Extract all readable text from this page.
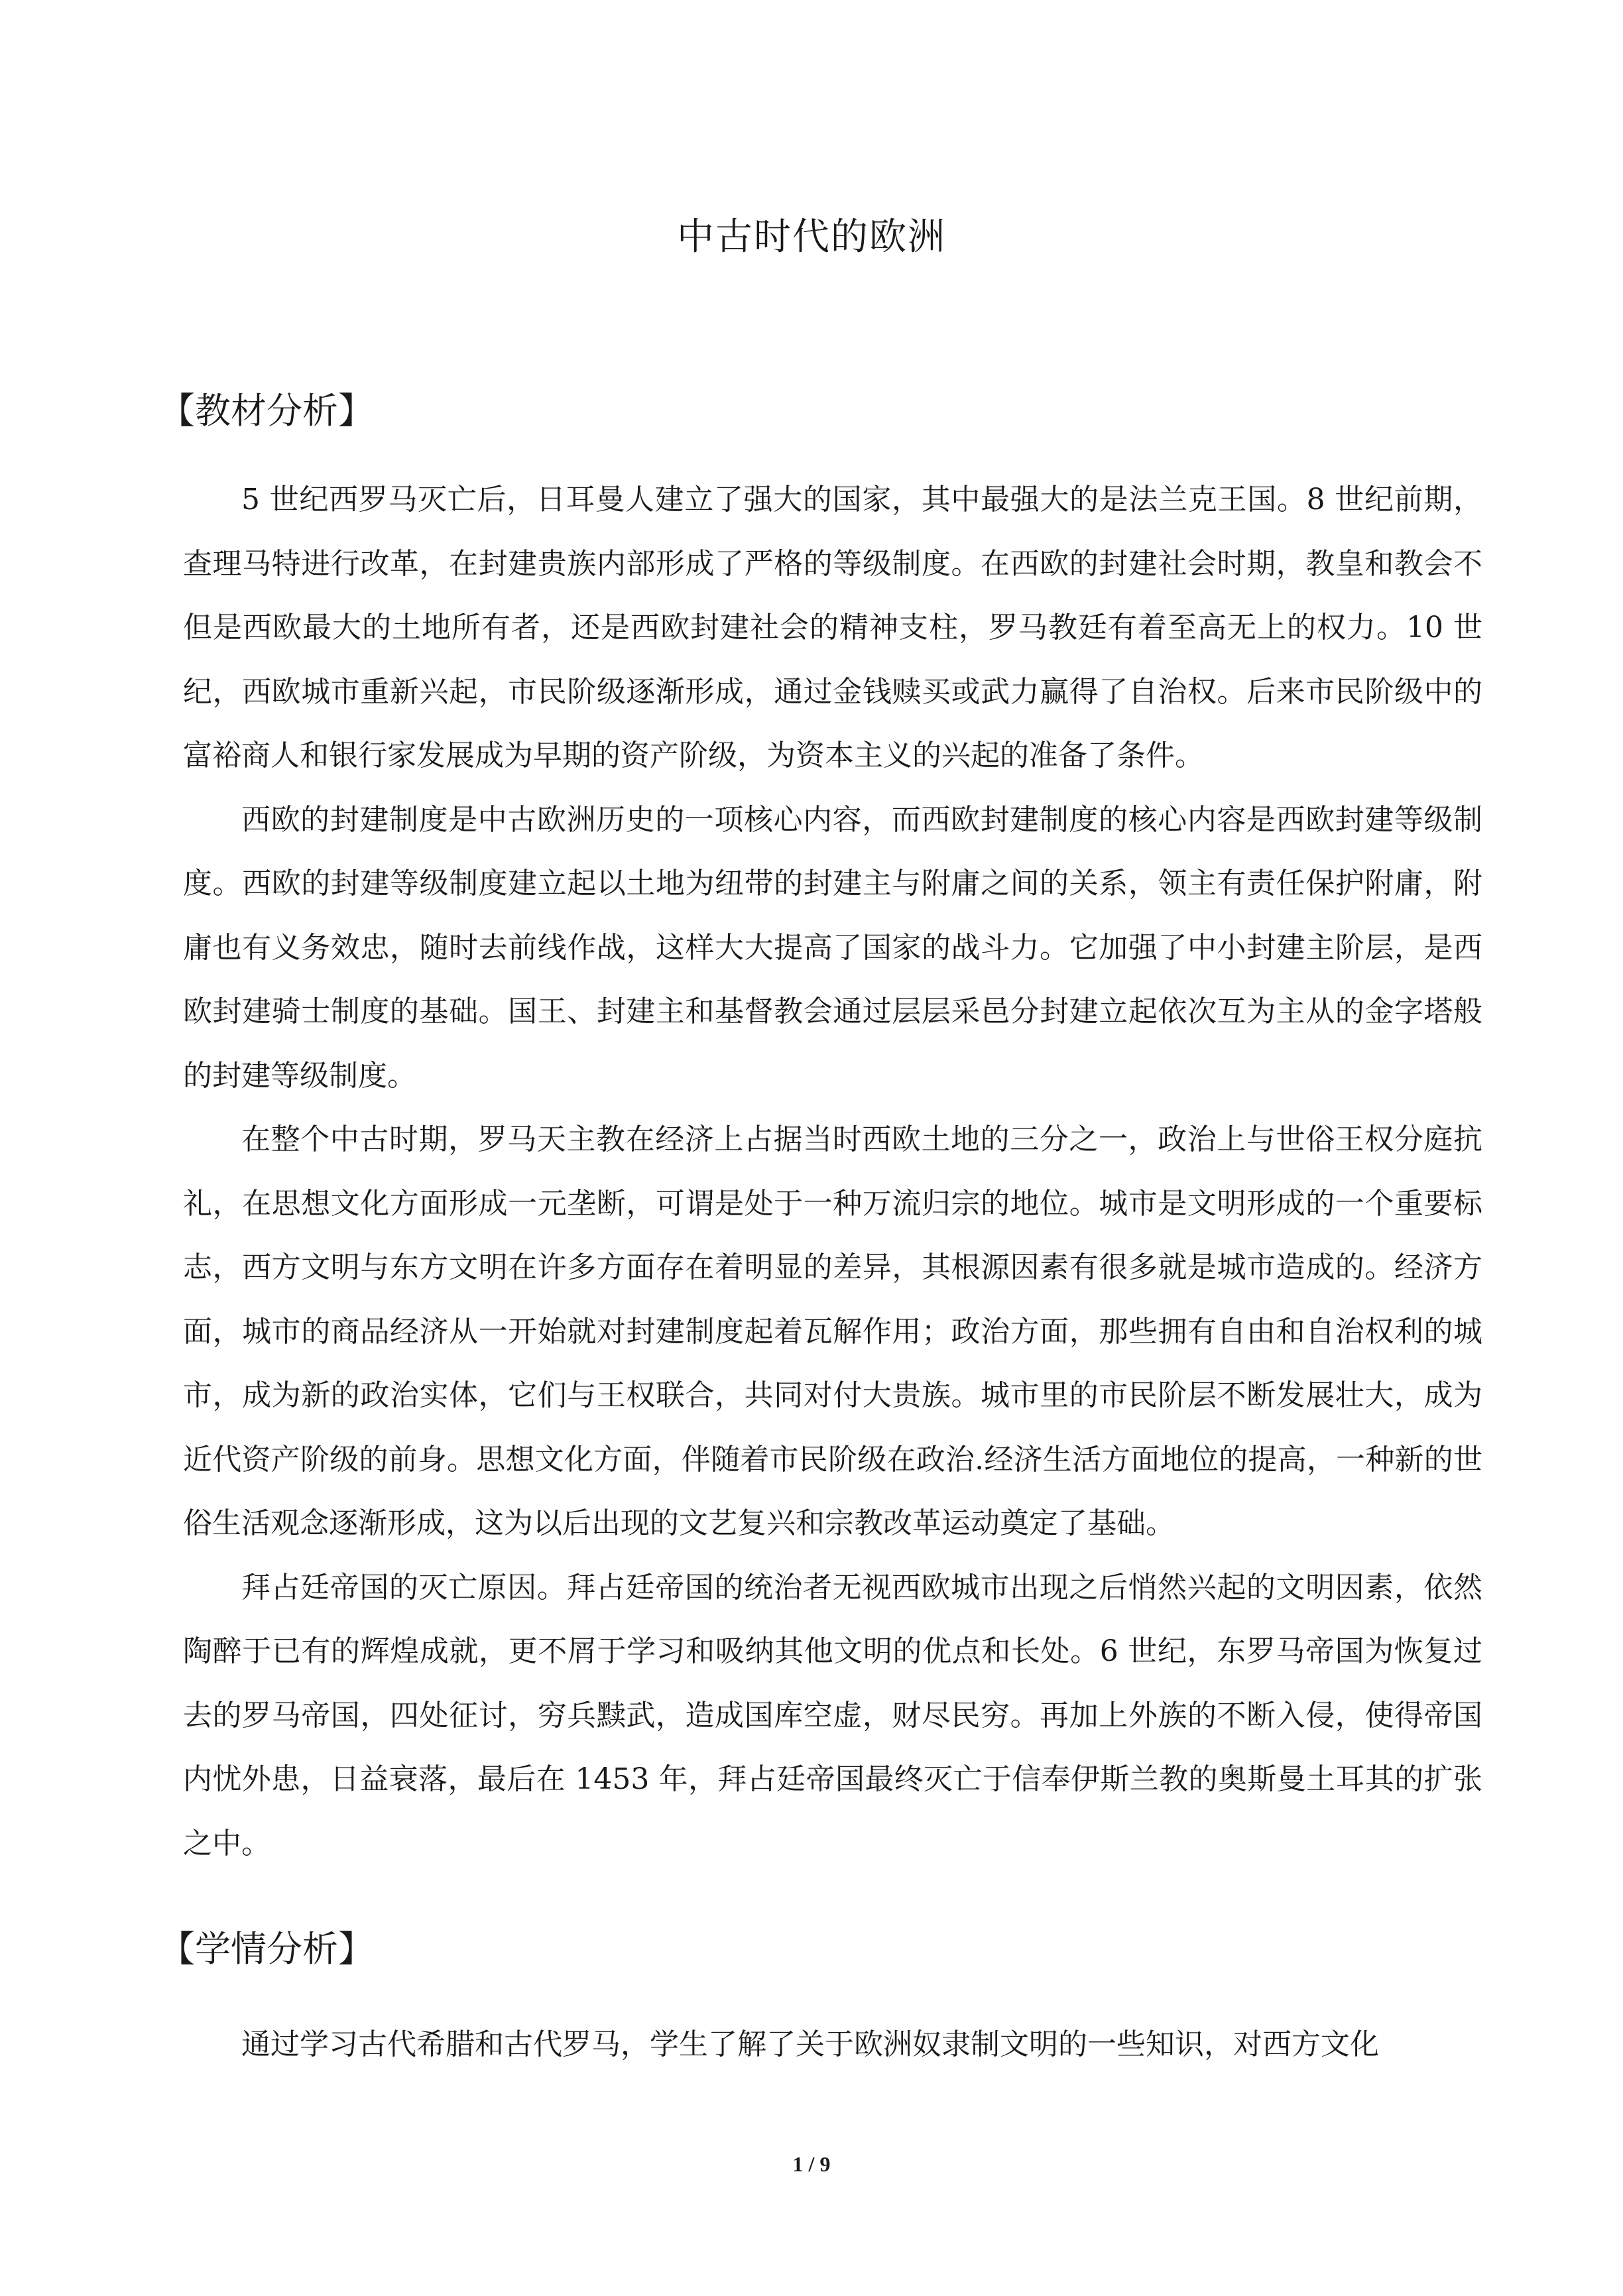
中古时代的欧洲
【教材分析】

5 世纪西罗马灭亡后，日耳曼人建立了强大的国家，其中最强大的是法兰克王国。8 世纪前期，查理马特进行改革，在封建贵族内部形成了严格的等级制度。在西欧的封建社会时期，教皇和教会不但是西欧最大的土地所有者，还是西欧封建社会的精神支柱，罗马教廷有着至高无上的权力。10 世纪，西欧城市重新兴起，市民阶级逐渐形成，通过金钱赎买或武力赢得了自治权。后来市民阶级中的富裕商人和银行家发展成为早期的资产阶级，为资本主义的兴起的准备了条件。

西欧的封建制度是中古欧洲历史的一项核心内容，而西欧封建制度的核心内容是西欧封建等级制度。西欧的封建等级制度建立起以土地为纽带的封建主与附庸之间的关系，领主有责任保护附庸，附庸也有义务效忠，随时去前线作战，这样大大提高了国家的战斗力。它加强了中小封建主阶层，是西欧封建骑士制度的基础。国王、封建主和基督教会通过层层采邑分封建立起依次互为主从的金字塔般的封建等级制度。

在整个中古时期，罗马天主教在经济上占据当时西欧土地的三分之一，政治上与世俗王权分庭抗礼，在思想文化方面形成一元垄断，可谓是处于一种万流归宗的地位。城市是文明形成的一个重要标志，西方文明与东方文明在许多方面存在着明显的差异，其根源因素有很多就是城市造成的。经济方面，城市的商品经济从一开始就对封建制度起着瓦解作用；政治方面，那些拥有自由和自治权利的城市，成为新的政治实体，它们与王权联合，共同对付大贵族。城市里的市民阶层不断发展壮大，成为近代资产阶级的前身。思想文化方面，伴随着市民阶级在政治.经济生活方面地位的提高，一种新的世俗生活观念逐渐形成，这为以后出现的文艺复兴和宗教改革运动奠定了基础。

拜占廷帝国的灭亡原因。拜占廷帝国的统治者无视西欧城市出现之后悄然兴起的文明因素，依然陶醉于已有的辉煌成就，更不屑于学习和吸纳其他文明的优点和长处。6 世纪，东罗马帝国为恢复过去的罗马帝国，四处征讨，穷兵黩武，造成国库空虚，财尽民穷。再加上外族的不断入侵，使得帝国内忧外患，日益衰落，最后在 1453 年，拜占廷帝国最终灭亡于信奉伊斯兰教的奥斯曼土耳其的扩张之中。

【学情分析】

通过学习古代希腊和古代罗马，学生了解了关于欧洲奴隶制文明的一些知识，对西方文化

1 / 9
